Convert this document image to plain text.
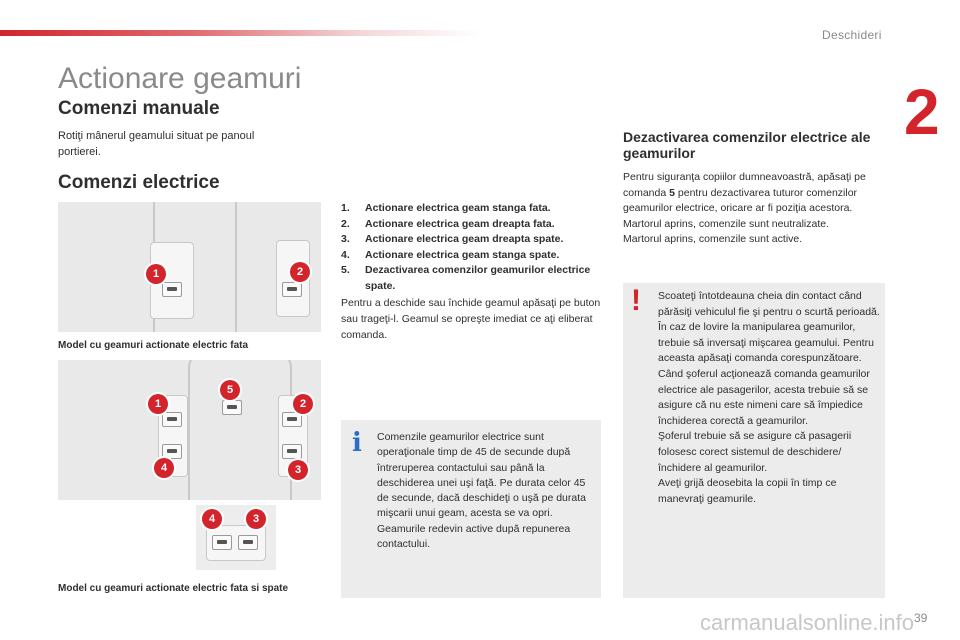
Deschideri
2
Actionare geamuri
Comenzi manuale
Rotiţi mânerul geamului situat pe panoul portierei.
Comenzi electrice
1	2
Model cu geamuri actionate electric fata
5
1	2
4	3
4	3
Model cu geamuri actionate electric fata si spate
1.	Actionare electrica geam stanga fata.
2.	Actionare electrica geam dreapta fata.
3.	Actionare electrica geam dreapta spate.
4.	Actionare electrica geam stanga spate.
5.	Dezactivarea comenzilor geamurilor electrice spate.
Pentru a deschide sau închide geamul apăsaţi pe buton sau trageţi-l. Geamul se opreşte imediat ce aţi eliberat comanda.
i Comenzile geamurilor electrice sunt operaţionale timp de 45 de secunde după întreruperea contactului sau până la deschiderea unei uşi faţă. Pe durata celor 45 de secunde, dacă deschideţi o uşă pe durata mişcarii unui geam, acesta se va opri. Geamurile redevin active după repunerea contactului.
Dezactivarea comenzilor electrice ale geamurilor
Pentru siguranţa copiilor dumneavoastră, apăsaţi pe comanda 5 pentru dezactivarea tuturor comenzilor geamurilor electrice, oricare ar fi poziţia acestora.
Martorul aprins, comenzile sunt neutralizate.
Martorul aprins, comenzile sunt active.
! Scoateţi întotdeauna cheia din contact când părăsiţi vehiculul fie şi pentru o scurtă perioadă.
În caz de lovire la manipularea geamurilor, trebuie să inversaţi mişcarea geamului. Pentru aceasta apăsaţi comanda corespunzătoare.
Când şoferul acţionează comanda geamurilor electrice ale pasagerilor, acesta trebuie să se asigure că nu este nimeni care să împiedice închiderea corectă a geamurilor.
Şoferul trebuie să se asigure că pasagerii folosesc corect sistemul de deschidere/închidere al geamurilor.
Aveţi grijă deosebita la copii în timp ce manevraţi geamurile.
carmanualsonline.info 39
